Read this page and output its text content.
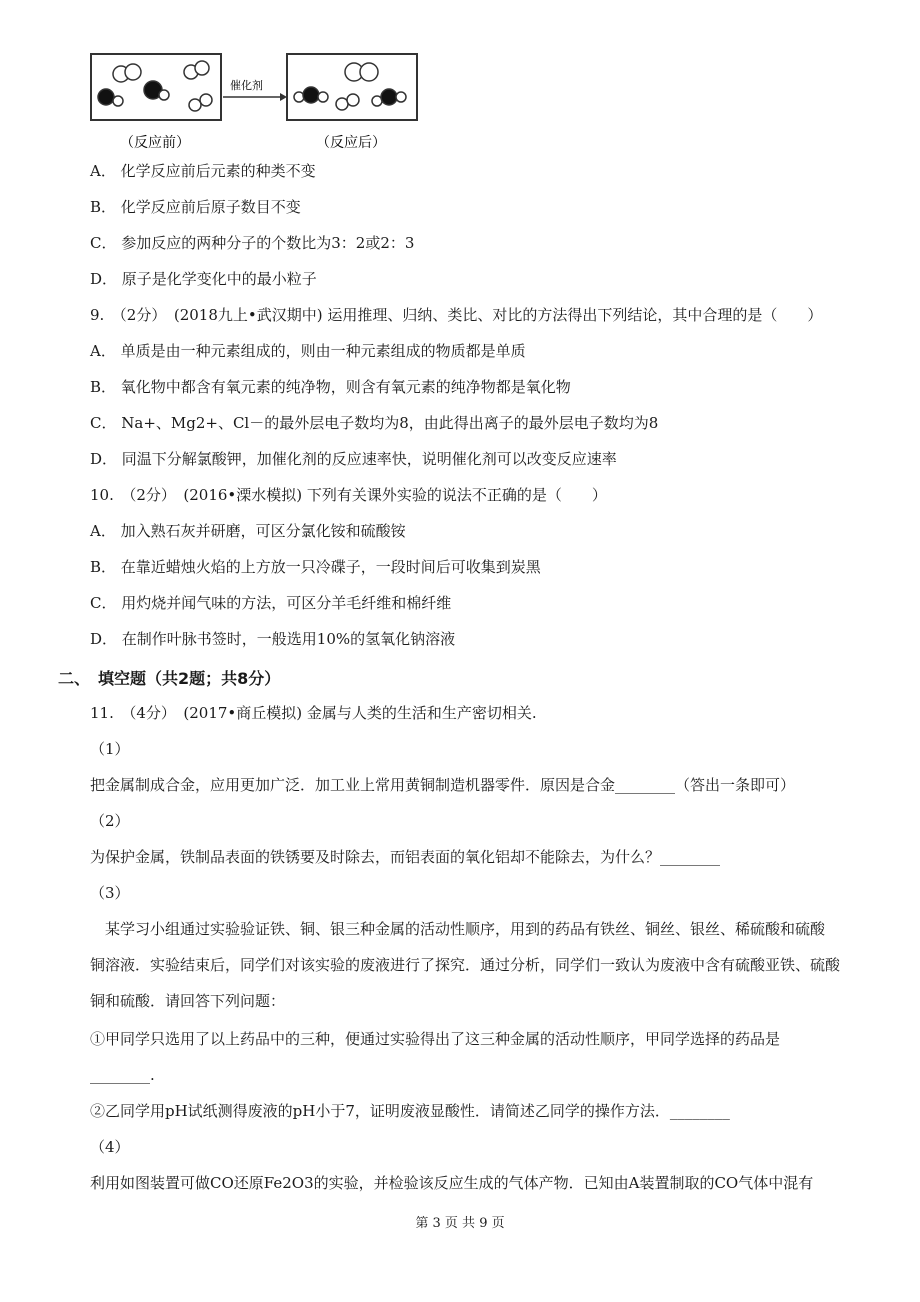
催化剂
（反应前）	（反应后）
A． 化学反应前后元素的种类不变
B． 化学反应前后原子数目不变
C． 参加反应的两种分子的个数比为3：2或2：3
D． 原子是化学变化中的最小粒子
9.　（2分）　(2018九上•武汉期中) 运用推理、归纳、类比、对比的方法得出下列结论，其中合理的是（　　）
A． 单质是由一种元素组成的，则由一种元素组成的物质都是单质
B． 氧化物中都含有氧元素的纯净物，则含有氧元素的纯净物都是氧化物
C． Na+、Mg2+、Cl－的最外层电子数均为8，由此得出离子的最外层电子数均为8
D． 同温下分解氯酸钾，加催化剂的反应速率快，说明催化剂可以改变反应速率
10.　（2分）　(2016•溧水模拟) 下列有关课外实验的说法不正确的是（　　）
A． 加入熟石灰并研磨，可区分氯化铵和硫酸铵
B． 在靠近蜡烛火焰的上方放一只冷碟子，一段时间后可收集到炭黑
C． 用灼烧并闻气味的方法，可区分羊毛纤维和棉纤维
D． 在制作叶脉书签时，一般选用10%的氢氧化钠溶液
二、　填空题（共2题；共8分）
11.　（4分）　(2017•商丘模拟) 金属与人类的生活和生产密切相关.
（1）
把金属制成合金，应用更加广泛．加工业上常用黄铜制造机器零件．原因是合金________（答出一条即可）
（2）
为保护金属，铁制品表面的铁锈要及时除去，而铝表面的氧化铝却不能除去，为什么？________
（3）
　某学习小组通过实验验证铁、铜、银三种金属的活动性顺序，用到的药品有铁丝、铜丝、银丝、稀硫酸和硫酸
铜溶液．实验结束后，同学们对该实验的废液进行了探究．通过分析，同学们一致认为废液中含有硫酸亚铁、硫酸
铜和硫酸．请回答下列问题：
①甲同学只选用了以上药品中的三种，便通过实验得出了这三种金属的活动性顺序，甲同学选择的药品是
________.
②乙同学用pH试纸测得废液的pH小于7，证明废液显酸性．请简述乙同学的操作方法．________
（4）
利用如图装置可做CO还原Fe2O3的实验，并检验该反应生成的气体产物．已知由A装置制取的CO气体中混有
第 3 页 共 9 页
